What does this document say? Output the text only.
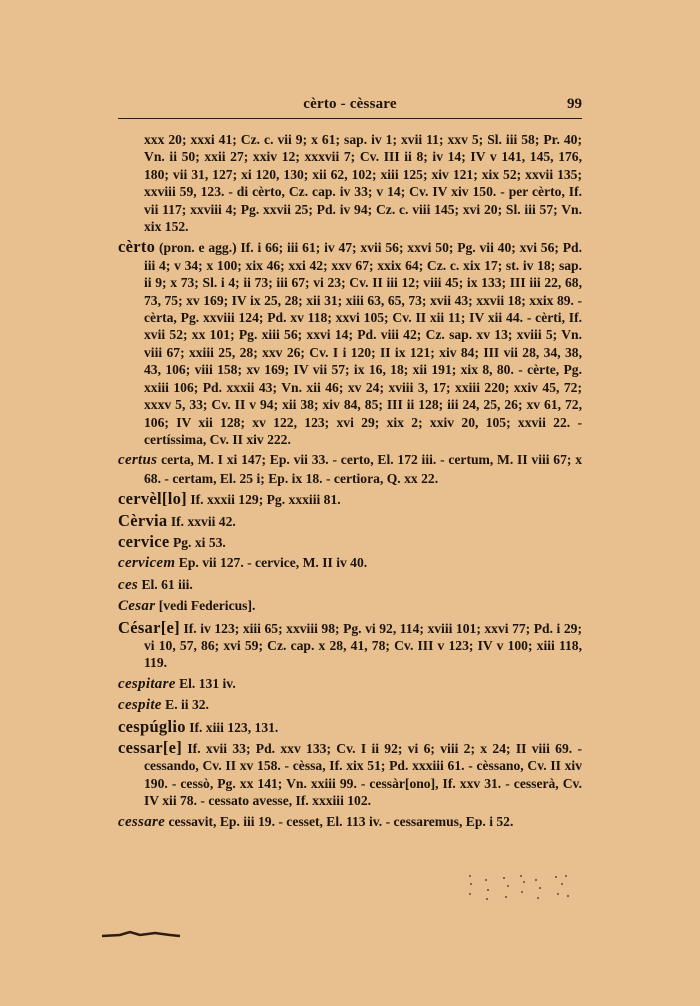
cèrto - cèssare	99

xxx 20; xxxi 41; Cz. c. vii 9; x 61; sap. iv 1; xvii 11; xxv 5; Sl. iii 58; Pr. 40; Vn. ii 50; xxii 27; xxiv 12; xxxvii 7; Cv. III ii 8; iv 14; IV v 141, 145, 176, 180; vii 31, 127; xi 120, 130; xii 62, 102; xiii 125; xiv 121; xix 52; xxvii 135; xxviii 59, 123. - di cèrto, Cz. cap. iv 33; v 14; Cv. IV xiv 150. - per cèrto, If. vii 117; xxviii 4; Pg. xxvii 25; Pd. iv 94; Cz. c. viii 145; xvi 20; Sl. iii 57; Vn. xix 152.

cèrto (pron. e agg.) If. i 66; iii 61; iv 47; xvii 56; xxvi 50; Pg. vii 40; xvi 56; Pd. iii 4; v 34; x 100; xix 46; xxi 42; xxv 67; xxix 64; Cz. c. xix 17; st. iv 18; sap. ii 9; x 73; Sl. i 4; ii 73; iii 67; vi 23; Cv. II iii 12; viii 45; ix 133; III iii 22, 68, 73, 75; xv 169; IV ix 25, 28; xii 31; xiii 63, 65, 73; xvii 43; xxvii 18; xxix 89. - cèrta, Pg. xxviii 124; Pd. xv 118; xxvi 105; Cv. II xii 11; IV xii 44. - cèrti, If. xvii 52; xx 101; Pg. xiii 56; xxvi 14; Pd. viii 42; Cz. sap. xv 13; xviii 5; Vn. viii 67; xxiii 25, 28; xxv 26; Cv. I i 120; II ix 121; xiv 84; III vii 28, 34, 38, 43, 106; viii 158; xv 169; IV vii 57; ix 16, 18; xii 191; xix 8, 80. - cèrte, Pg. xxiii 106; Pd. xxxii 43; Vn. xii 46; xv 24; xviii 3, 17; xxiii 220; xxiv 45, 72; xxxv 5, 33; Cv. II v 94; xii 38; xiv 84, 85; III ii 128; iii 24, 25, 26; xv 61, 72, 106; IV xii 128; xv 122, 123; xvi 29; xix 2; xxiv 20, 105; xxvii 22. - certíssima, Cv. II xiv 222.

certus certa, M. I xi 147; Ep. vii 33. - certo, El. 172 iii. - certum, M. II viii 67; x 68. - certam, El. 25 i; Ep. ix 18. - certiora, Q. xx 22.

cervèl[lo] If. xxxii 129; Pg. xxxiii 81.

Cèrvia If. xxvii 42.

cervice Pg. xi 53.

cervicem Ep. vii 127. - cervice, M. II iv 40.

ces El. 61 iii.

Cesar [vedi Federicus].

César[e] If. iv 123; xiii 65; xxviii 98; Pg. vi 92, 114; xviii 101; xxvi 77; Pd. i 29; vi 10, 57, 86; xvi 59; Cz. cap. x 28, 41, 78; Cv. III v 123; IV v 100; xiii 118, 119.

cespitare El. 131 iv.

cespite E. ii 32.

cespúglio If. xiii 123, 131.

cessar[e] If. xvii 33; Pd. xxv 133; Cv. I ii 92; vi 6; viii 2; x 24; II viii 69. - cessando, Cv. II xv 158. - cèssa, If. xix 51; Pd. xxxiii 61. - cèssano, Cv. II xiv 190. - cessò, Pg. xx 141; Vn. xxiii 99. - cessàr[ono], If. xxv 31. - cesserà, Cv. IV xii 78. - cessato avesse, If. xxxiii 102.

cessare cessavit, Ep. iii 19. - cesset, El. 113 iv. - cessaremus, Ep. i 52.
